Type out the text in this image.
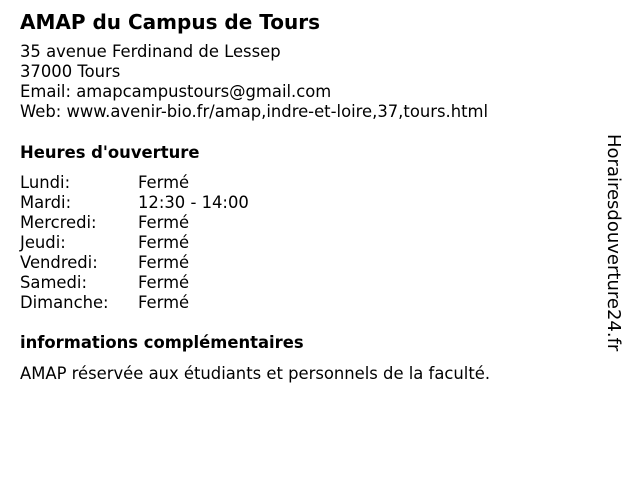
AMAP du Campus de Tours
35 avenue Ferdinand de Lessep
37000 Tours
Email: amapcampustours@gmail.com
Web: www.avenir-bio.fr/amap,indre-et-loire,37,tours.html
Heures d'ouverture
Lundi:	Fermé
Mardi:	12:30 - 14:00
Mercredi:	Fermé
Jeudi:	Fermé
Vendredi:	Fermé
Samedi:	Fermé
Dimanche:	Fermé
informations complémentaires
AMAP réservée aux étudiants et personnels de la faculté.
Horairesdouverture24.fr
